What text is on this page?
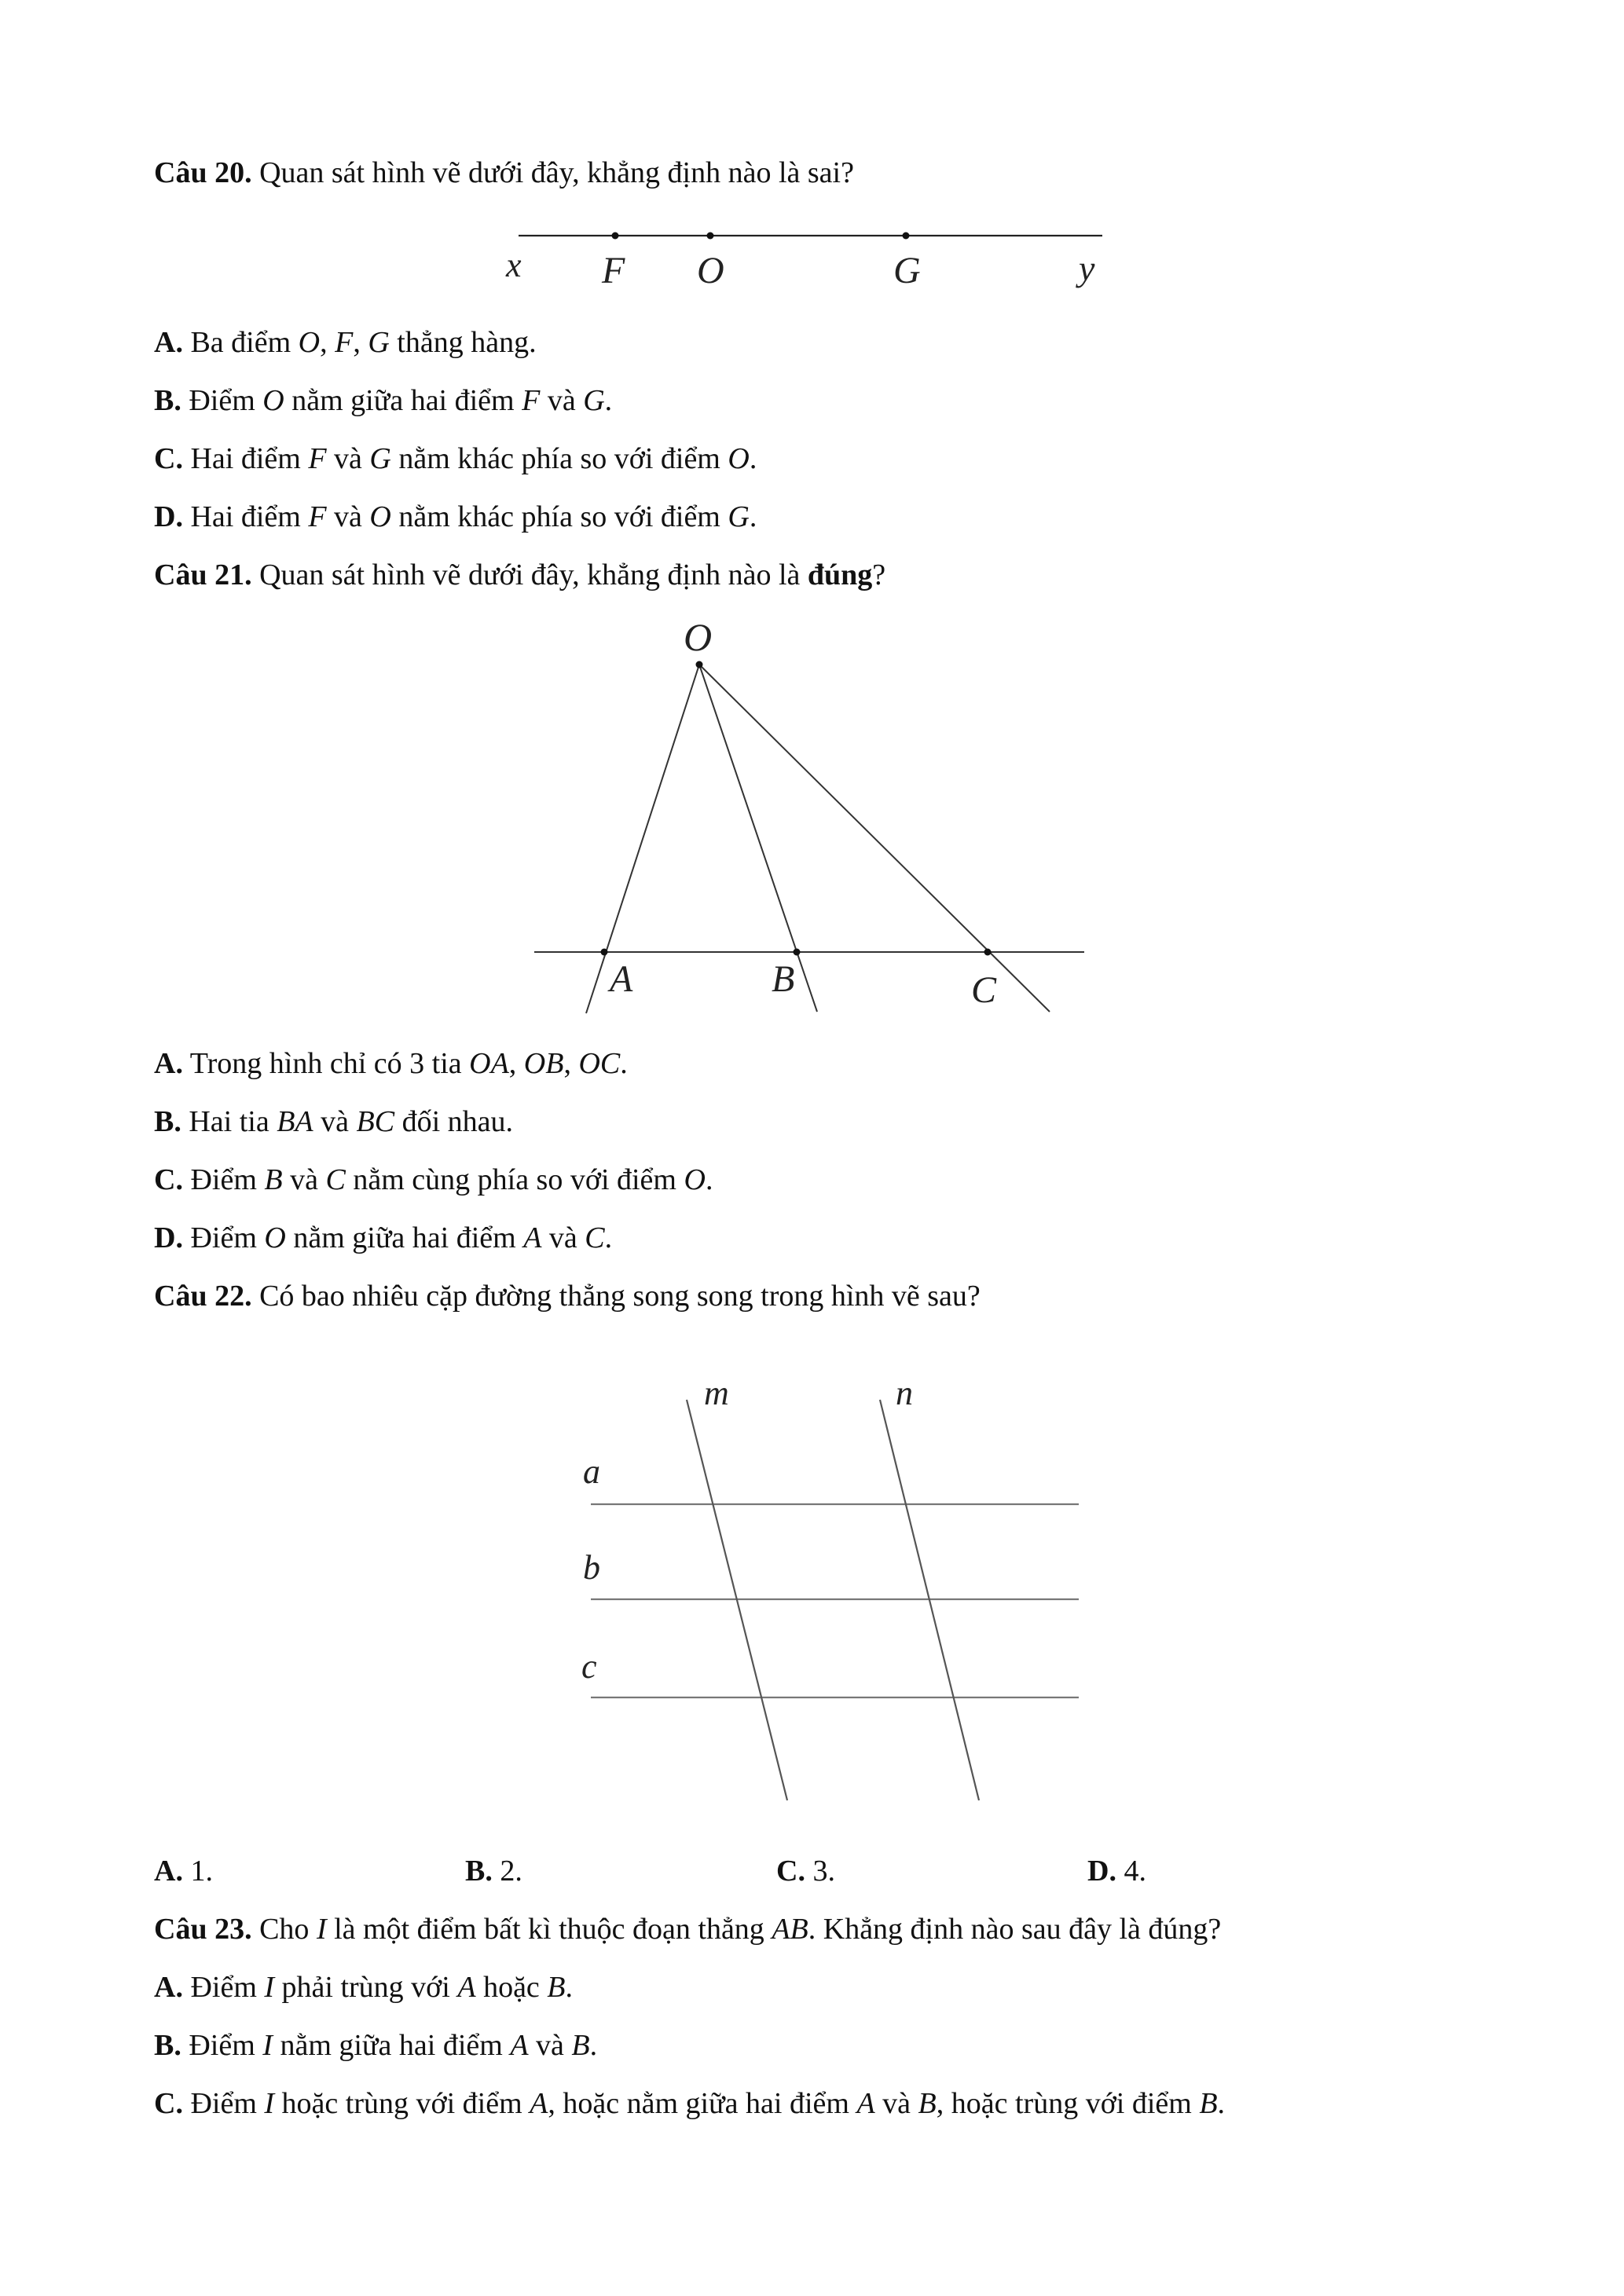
Câu 20. Quan sát hình vẽ dưới đây, khẳng định nào là sai?
x F O	G	y
A. Ba điểm O, F, G thẳng hàng.
B. Điểm O nằm giữa hai điểm F và G.
C. Hai điểm F và G nằm khác phía so với điểm O.
D. Hai điểm F và O nằm khác phía so với điểm G.
Câu 21. Quan sát hình vẽ dưới đây, khẳng định nào là đúng?
O
A	B	C
A. Trong hình chỉ có 3 tia OA, OB, OC.
B. Hai tia BA và BC đối nhau.
C. Điểm B và C nằm cùng phía so với điểm O.
D. Điểm O nằm giữa hai điểm A và C.
Câu 22. Có bao nhiêu cặp đường thẳng song song trong hình vẽ sau?
m	n
a
b
c
A. 1.	B. 2.	C. 3.	D. 4.
Câu 23. Cho I là một điểm bất kì thuộc đoạn thẳng AB. Khẳng định nào sau đây là đúng?
A. Điểm I phải trùng với A hoặc B.
B. Điểm I nằm giữa hai điểm A và B.
C. Điểm I hoặc trùng với điểm A, hoặc nằm giữa hai điểm A và B, hoặc trùng với điểm B.
